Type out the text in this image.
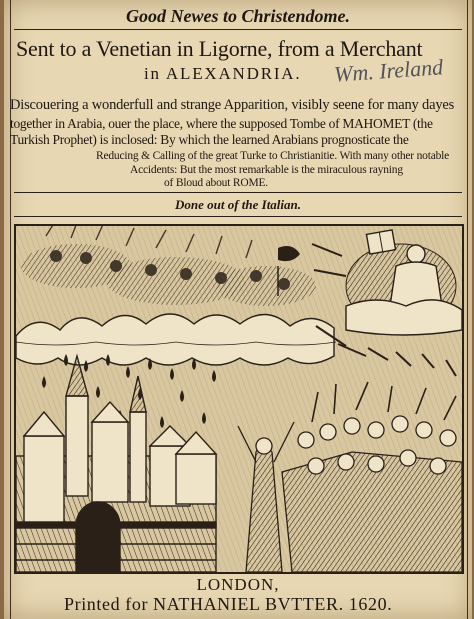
Good Newes to Christendome.
Sent to a Venetian in Ligorne, from a Merchant
in ALEXANDRIA. Wm. Ireland
Discouering a wonderfull and strange Apparition, visibly seene for many dayes
together in Arabia, ouer the place, where the supposed Tombe of MAHOMET (the
Turkish Prophet) is inclosed: By which the learned Arabians prognosticate the
Reducing & Calling of the great Turke to Christianitie. With many other notable
Accidents: But the most remarkable is the miraculous rayning
of Bloud about ROME.
Done out of the Italian.
LONDON,
Printed for NATHANIEL BVTTER. 1620.
